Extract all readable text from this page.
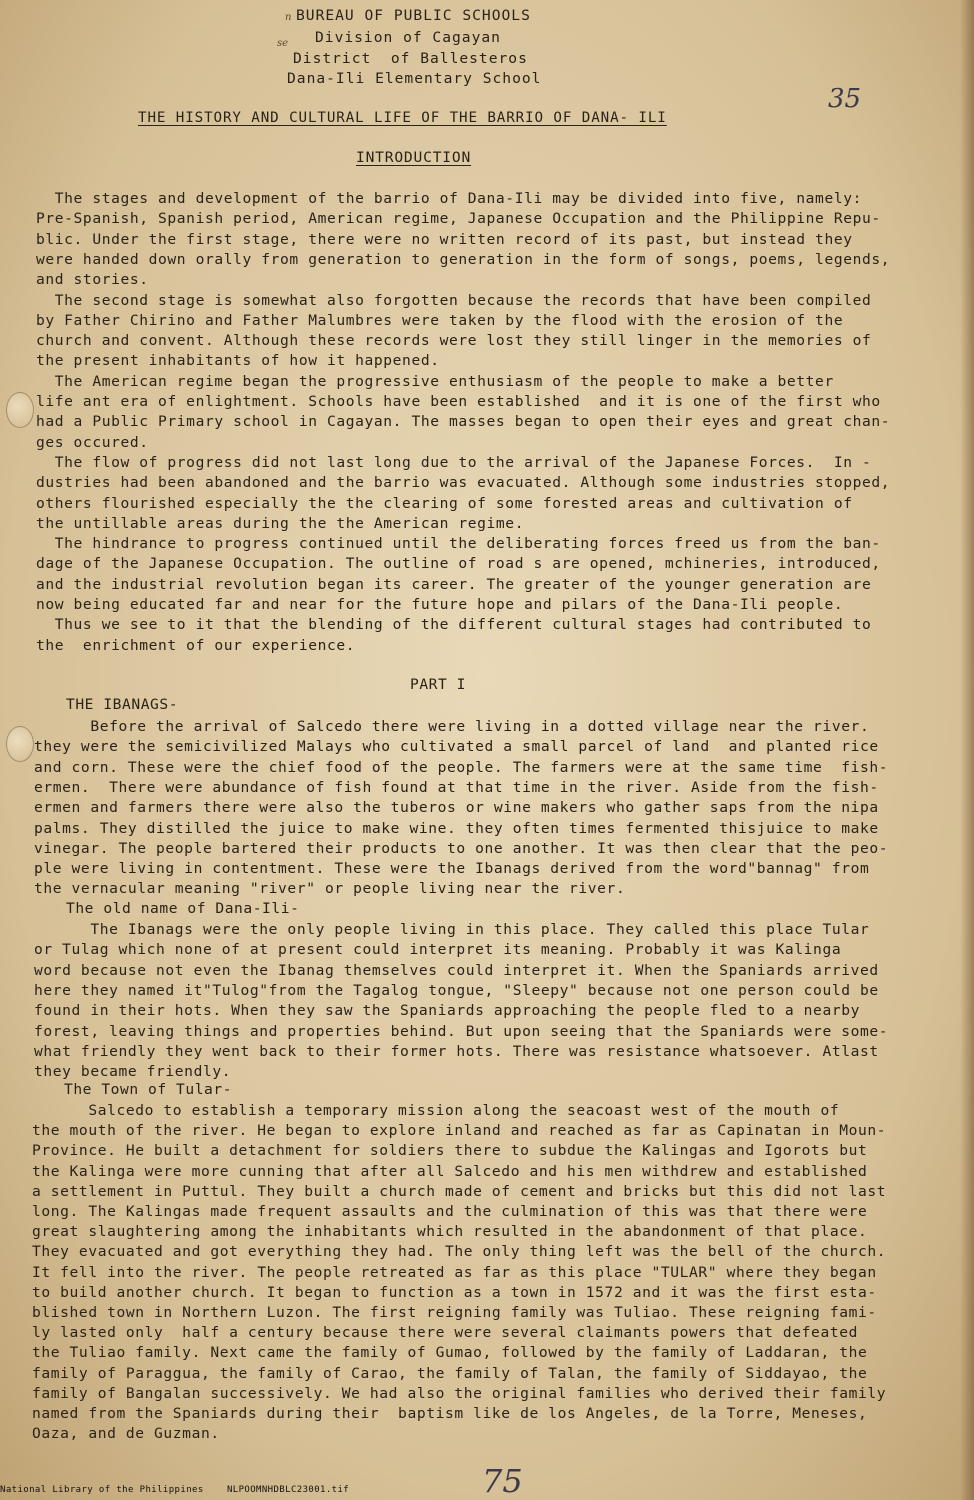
BUREAU OF PUBLIC SCHOOLS
n
Division of Cagayan
se
District  of Ballesteros
Dana-Ili Elementary School
THE HISTORY AND CULTURAL LIFE OF THE BARRIO OF DANA- ILI
35
INTRODUCTION
The stages and development of the barrio of Dana-Ili may be divided into five, namely:
Pre-Spanish, Spanish period, American regime, Japanese Occupation and the Philippine Repu-
blic. Under the first stage, there were no written record of its past, but instead they
were handed down orally from generation to generation in the form of songs, poems, legends,
and stories.
The second stage is somewhat also forgotten because the records that have been compiled
by Father Chirino and Father Malumbres were taken by the flood with the erosion of the
church and convent. Although these records were lost they still linger in the memories of
the present inhabitants of how it happened.
The American regime began the progressive enthusiasm of the people to make a better
life ant era of enlightment. Schools have been established  and it is one of the first who
had a Public Primary school in Cagayan. The masses began to open their eyes and great chan-
ges occured.
The flow of progress did not last long due to the arrival of the Japanese Forces.  In -
dustries had been abandoned and the barrio was evacuated. Although some industries stopped,
others flourished especially the the clearing of some forested areas and cultivation of
the untillable areas during the the American regime.
The hindrance to progress continued until the deliberating forces freed us from the ban-
dage of the Japanese Occupation. The outline of road s are opened, mchineries, introduced,
and the industrial revolution began its career. The greater of the younger generation are
now being educated far and near for the future hope and pilars of the Dana-Ili people.
Thus we see to it that the blending of the different cultural stages had contributed to
the  enrichment of our experience.
PART I
THE IBANAGS-
Before the arrival of Salcedo there were living in a dotted village near the river.
they were the semicivilized Malays who cultivated a small parcel of land  and planted rice
and corn. These were the chief food of the people. The farmers were at the same time  fish-
ermen.  There were abundance of fish found at that time in the river. Aside from the fish-
ermen and farmers there were also the tuberos or wine makers who gather saps from the nipa
palms. They distilled the juice to make wine. they often times fermented thisjuice to make
vinegar. The people bartered their products to one another. It was then clear that the peo-
ple were living in contentment. These were the Ibanags derived from the word"bannag" from
the vernacular meaning "river" or people living near the river.
The old name of Dana-Ili-
The Ibanags were the only people living in this place. They called this place Tular
or Tulag which none of at present could interpret its meaning. Probably it was Kalinga
word because not even the Ibanag themselves could interpret it. When the Spaniards arrived
here they named it"Tulog"from the Tagalog tongue, "Sleepy" because not one person could be
found in their hots. When they saw the Spaniards approaching the people fled to a nearby
forest, leaving things and properties behind. But upon seeing that the Spaniards were some-
what friendly they went back to their former hots. There was resistance whatsoever. Atlast
they became friendly.
The Town of Tular-
Salcedo to establish a temporary mission along the seacoast west of the mouth of
the mouth of the river. He began to explore inland and reached as far as Capinatan in Moun-
Province. He built a detachment for soldiers there to subdue the Kalingas and Igorots but
the Kalinga were more cunning that after all Salcedo and his men withdrew and established
a settlement in Puttul. They built a church made of cement and bricks but this did not last
long. The Kalingas made frequent assaults and the culmination of this was that there were
great slaughtering among the inhabitants which resulted in the abandonment of that place.
They evacuated and got everything they had. The only thing left was the bell of the church.
It fell into the river. The people retreated as far as this place "TULAR" where they began
to build another church. It began to function as a town in 1572 and it was the first esta-
blished town in Northern Luzon. The first reigning family was Tuliao. These reigning fami-
ly lasted only  half a century because there were several claimants powers that defeated
the Tuliao family. Next came the family of Gumao, followed by the family of Laddaran, the
family of Paraggua, the family of Carao, the family of Talan, the family of Siddayao, the
family of Bangalan successively. We had also the original families who derived their family
named from the Spaniards during their  baptism like de los Angeles, de la Torre, Meneses,
Oaza, and de Guzman.
75
National Library of the Philippines	NLPOOMNHDBLC23001.tif
